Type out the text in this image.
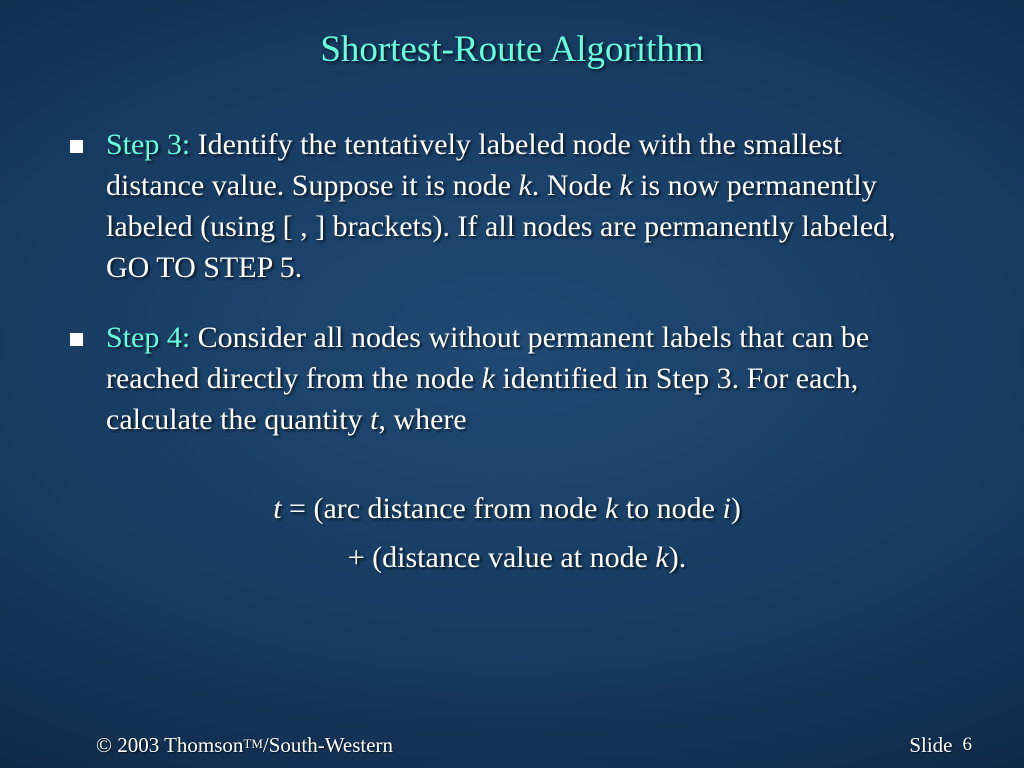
Shortest-Route Algorithm
Step 3: Identify the tentatively labeled node with the smallest distance value. Suppose it is node k. Node k is now permanently labeled (using [ , ] brackets). If all nodes are permanently labeled, GO TO STEP 5.
Step 4: Consider all nodes without permanent labels that can be reached directly from the node k identified in Step 3. For each, calculate the quantity t, where
t = (arc distance from node k to node i)
+ (distance value at node k).
© 2003 ThomsonTM/South-Western	Slide 6
